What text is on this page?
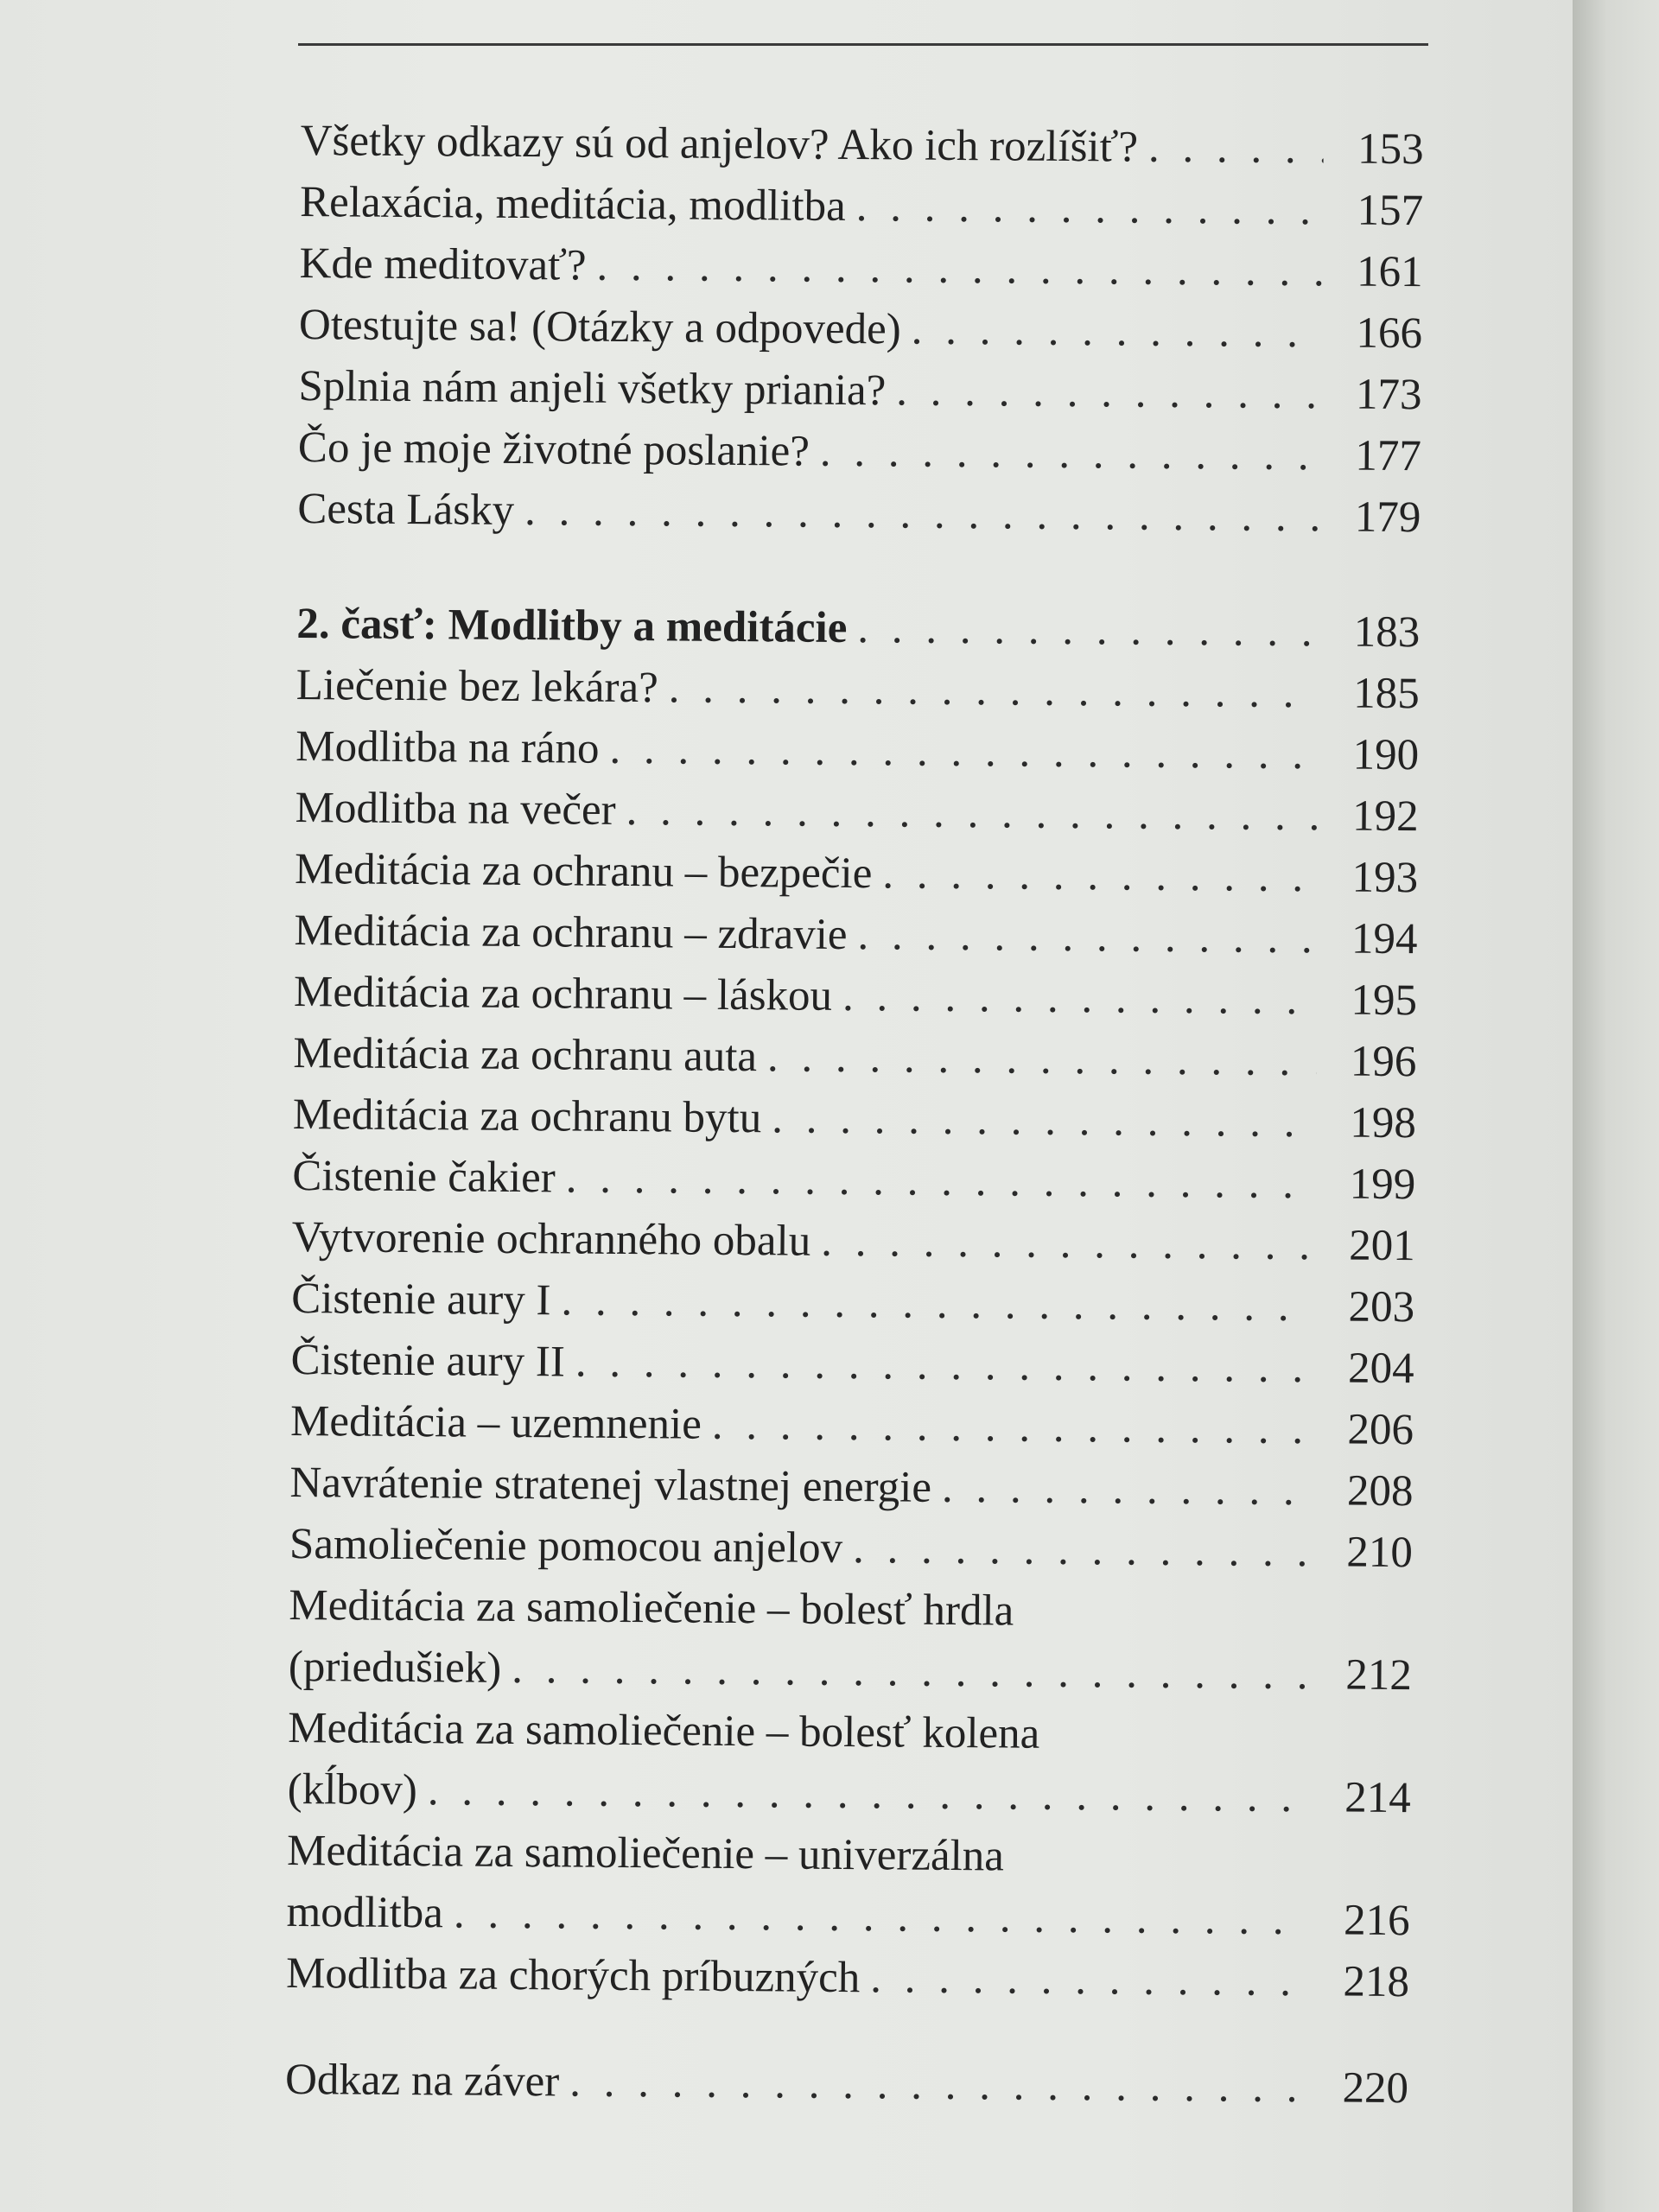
Všetky odkazy sú od anjelov? Ako ich rozlíšiť? . . .	153
Relaxácia, meditácia, modlitba . . .	157
Kde meditovať? . . .	161
Otestujte sa! (Otázky a odpovede) . . .	166
Splnia nám anjeli všetky priania? . . .	173
Čo je moje životné poslanie? . . .	177
Cesta Lásky . . .	179
2. časť: Modlitby a meditácie . . .	183
Liečenie bez lekára? . . .	185
Modlitba na ráno . . .	190
Modlitba na večer . . .	192
Meditácia za ochranu – bezpečie . . .	193
Meditácia za ochranu – zdravie . . .	194
Meditácia za ochranu – láskou . . .	195
Meditácia za ochranu auta . . .	196
Meditácia za ochranu bytu . . .	198
Čistenie čakier . . .	199
Vytvorenie ochranného obalu . . .	201
Čistenie aury I . . .	203
Čistenie aury II . . .	204
Meditácia – uzemnenie . . .	206
Navrátenie stratenej vlastnej energie . . .	208
Samoliečenie pomocou anjelov . . .	210
Meditácia za samoliečenie – bolesť hrdla
(priedušiek) . . .	212
Meditácia za samoliečenie – bolesť kolena
(kĺbov) . . .	214
Meditácia za samoliečenie – univerzálna
modlitba . . .	216
Modlitba za chorých príbuzných . . .	218
Odkaz na záver . . .	220
